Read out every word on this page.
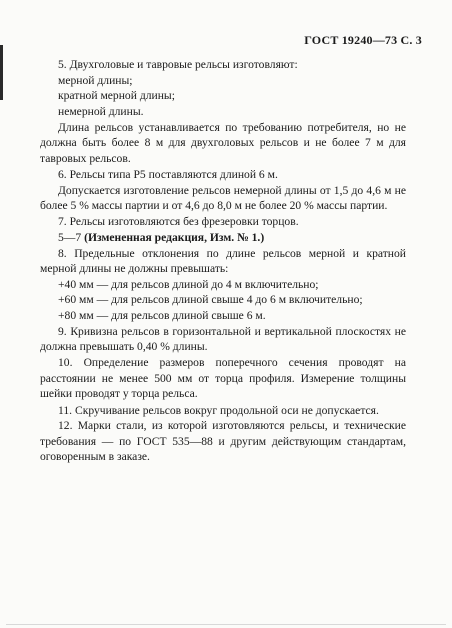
ГОСТ 19240—73 С. 3

5. Двухголовые и тавровые рельсы изготовляют:

мерной длины;

кратной мерной длины;

немерной длины.

Длина рельсов устанавливается по требованию потребителя, но не должна быть более 8 м для двухголовых рельсов и не более 7 м для тавровых рельсов.

6. Рельсы типа Р5 поставляются длиной 6 м.

Допускается изготовление рельсов немерной длины от 1,5 до 4,6 м не более 5 % массы партии и от 4,6 до 8,0 м не более 20 % массы партии.

7. Рельсы изготовляются без фрезеровки торцов.

5—7 (Измененная редакция, Изм. № 1.)

8. Предельные отклонения по длине рельсов мерной и кратной мерной длины не должны превышать:

+40 мм — для рельсов длиной до 4 м включительно;

+60 мм — для рельсов длиной свыше 4 до 6 м включительно;

+80 мм — для рельсов длиной свыше 6 м.

9. Кривизна рельсов в горизонтальной и вертикальной плоскостях не должна превышать 0,40 % длины.

10. Определение размеров поперечного сечения проводят на расстоянии не менее 500 мм от торца профиля. Измерение толщины шейки проводят у торца рельса.

11. Скручивание рельсов вокруг продольной оси не допускается.

12. Марки стали, из которой изготовляются рельсы, и технические требования — по ГОСТ 535—88 и другим действующим стандартам, оговоренным в заказе.
